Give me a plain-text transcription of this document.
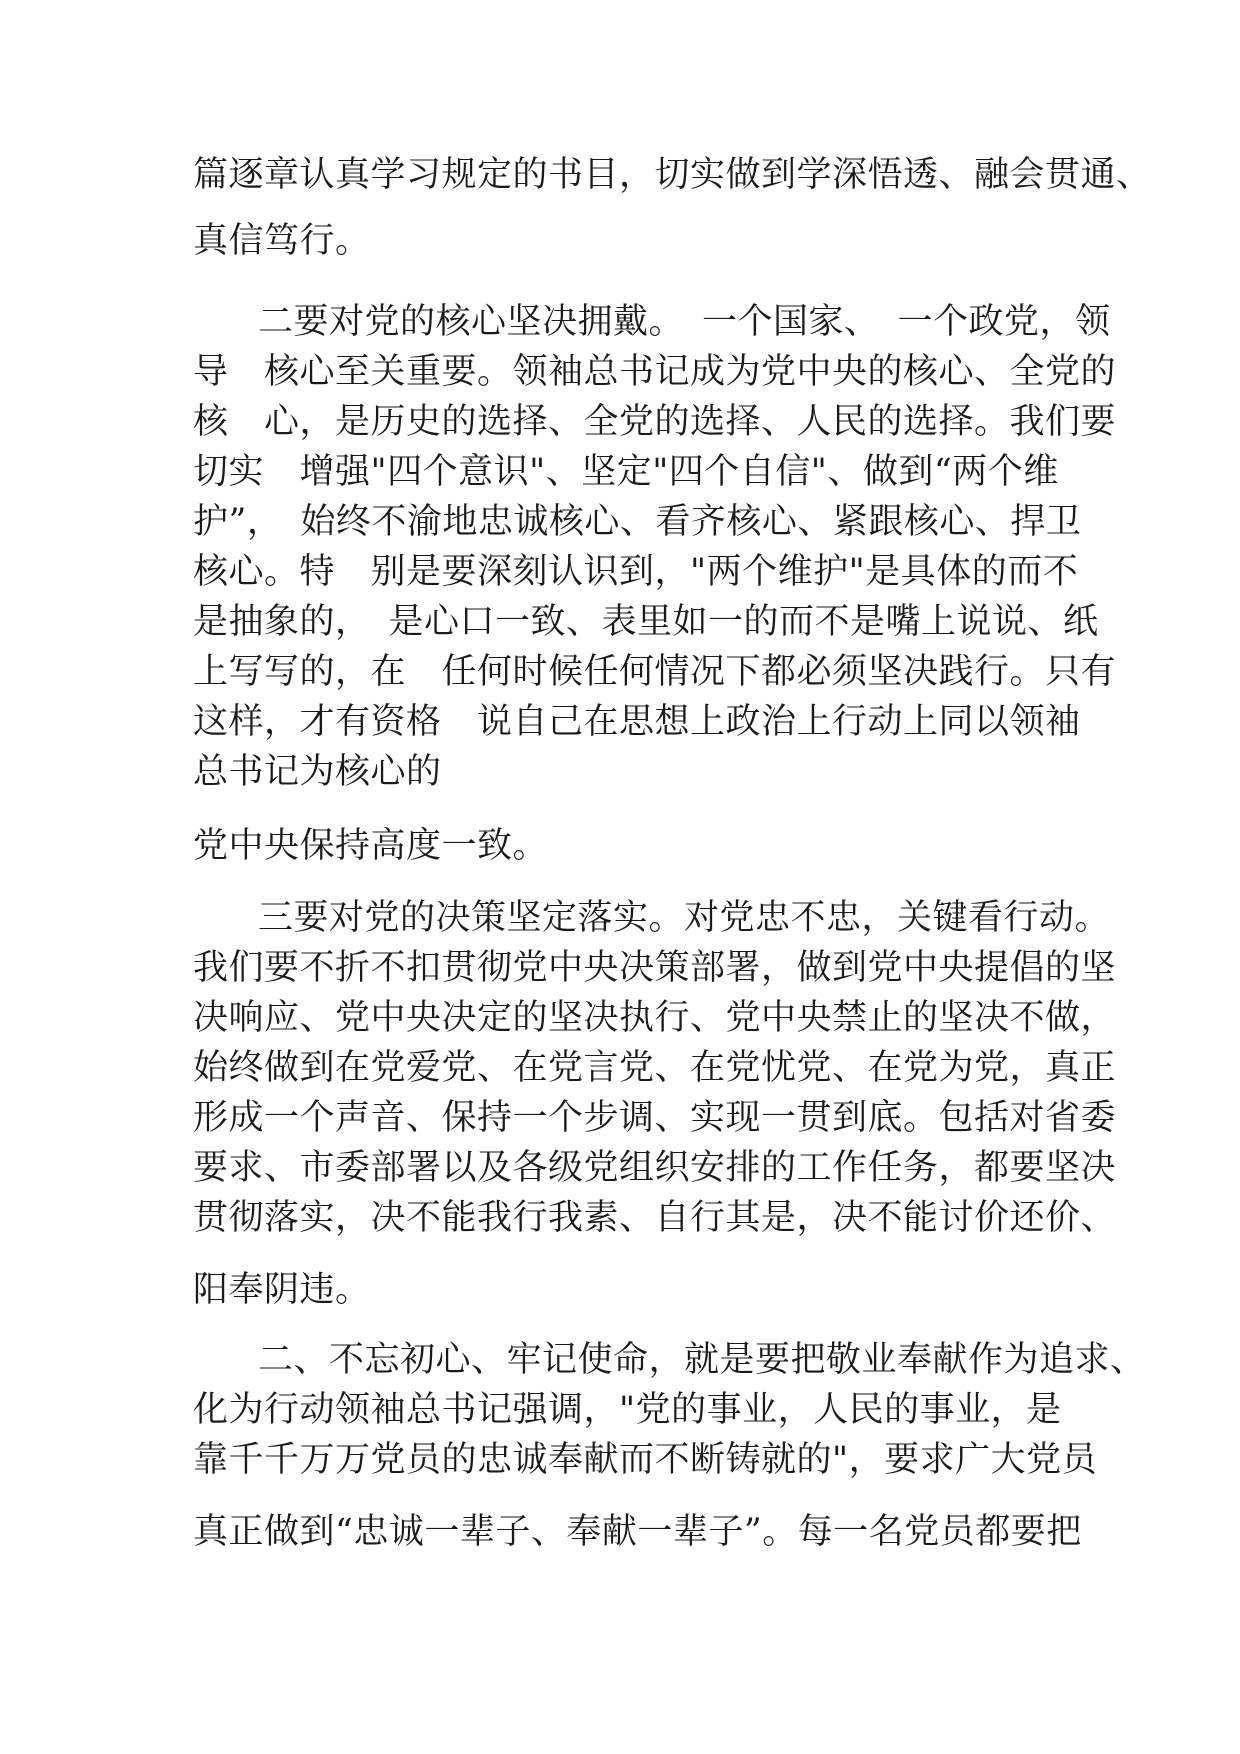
篇逐章认真学习规定的书目，切实做到学深悟透、融会贯通、

真信笃行。

二要对党的核心坚决拥戴。　一个国家、　一个政党，领

导　核心至关重要。领袖总书记成为党中央的核心、全党的

核　心，是历史的选择、全党的选择、人民的选择。我们要

切实　增强"四个意识"、坚定"四个自信"、做到“两个维

护”，　始终不渝地忠诚核心、看齐核心、紧跟核心、捍卫

核心。特　别是要深刻认识到，"两个维护"是具体的而不

是抽象的，　是心口一致、表里如一的而不是嘴上说说、纸

上写写的，在　任何时候任何情况下都必须坚决践行。只有

这样，才有资格　说自己在思想上政治上行动上同以领袖

总书记为核心的

党中央保持高度一致。

三要对党的决策坚定落实。对党忠不忠，关键看行动。

我们要不折不扣贯彻党中央决策部署，做到党中央提倡的坚

决响应、党中央决定的坚决执行、党中央禁止的坚决不做，

始终做到在党爱党、在党言党、在党忧党、在党为党，真正

形成一个声音、保持一个步调、实现一贯到底。包括对省委

要求、市委部署以及各级党组织安排的工作任务，都要坚决

贯彻落实，决不能我行我素、自行其是，决不能讨价还价、

阳奉阴违。

二、不忘初心、牢记使命，就是要把敬业奉献作为追求、

化为行动领袖总书记强调，"党的事业，人民的事业，是

靠千千万万党员的忠诚奉献而不断铸就的"，要求广大党员

真正做到“忠诚一辈子、奉献一辈子”。每一名党员都要把
